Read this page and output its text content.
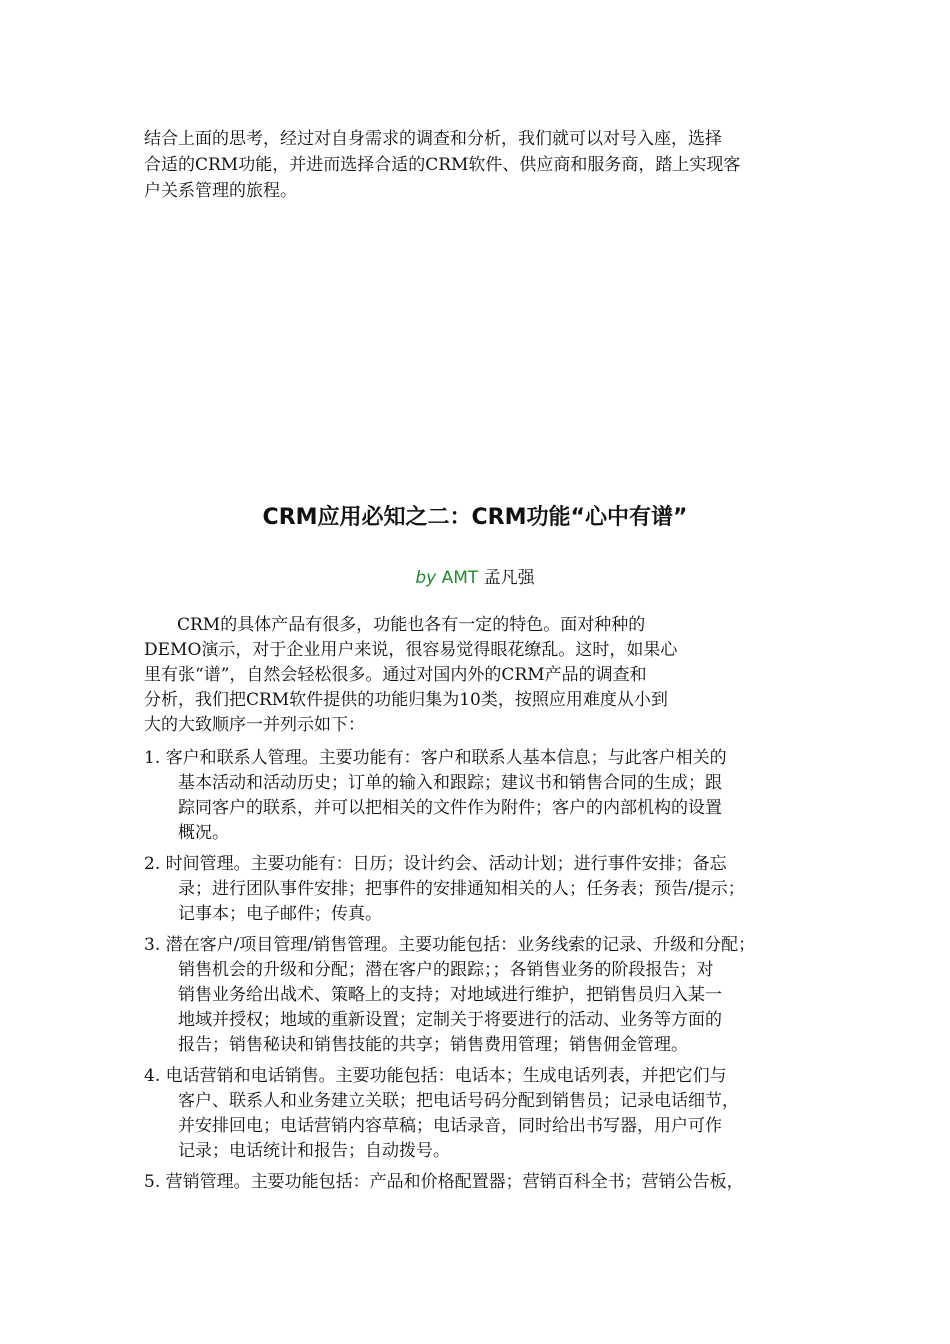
结合上面的思考，经过对自身需求的调查和分析，我们就可以对号入座，选择
合适的CRM功能，并进而选择合适的CRM软件、供应商和服务商，踏上实现客
户关系管理的旅程。
CRM应用必知之二：CRM功能“心中有谱”
by AMT 孟凡强
CRM的具体产品有很多，功能也各有一定的特色。面对种种的
DEMO演示，对于企业用户来说，很容易觉得眼花缭乱。这时，如果心
里有张“谱”，自然会轻松很多。通过对国内外的CRM产品的调查和
分析，我们把CRM软件提供的功能归集为10类，按照应用难度从小到
大的大致顺序一并列示如下：
1. 客户和联系人管理。主要功能有：客户和联系人基本信息；与此客户相关的
基本活动和活动历史；订单的输入和跟踪；建议书和销售合同的生成；跟
踪同客户的联系，并可以把相关的文件作为附件；客户的内部机构的设置
概况。
2. 时间管理。主要功能有：日历；设计约会、活动计划；进行事件安排；备忘
录；进行团队事件安排；把事件的安排通知相关的人；任务表；预告/提示；
记事本；电子邮件；传真。
3. 潜在客户/项目管理/销售管理。主要功能包括：业务线索的记录、升级和分配；
销售机会的升级和分配；潜在客户的跟踪；；各销售业务的阶段报告；对
销售业务给出战术、策略上的支持；对地域进行维护，把销售员归入某一
地域并授权；地域的重新设置；定制关于将要进行的活动、业务等方面的
报告；销售秘诀和销售技能的共享；销售费用管理；销售佣金管理。
4. 电话营销和电话销售。主要功能包括：电话本；生成电话列表，并把它们与
客户、联系人和业务建立关联；把电话号码分配到销售员；记录电话细节，
并安排回电；电话营销内容草稿；电话录音，同时给出书写器，用户可作
记录；电话统计和报告；自动拨号。
5. 营销管理。主要功能包括：产品和价格配置器；营销百科全书；营销公告板，
